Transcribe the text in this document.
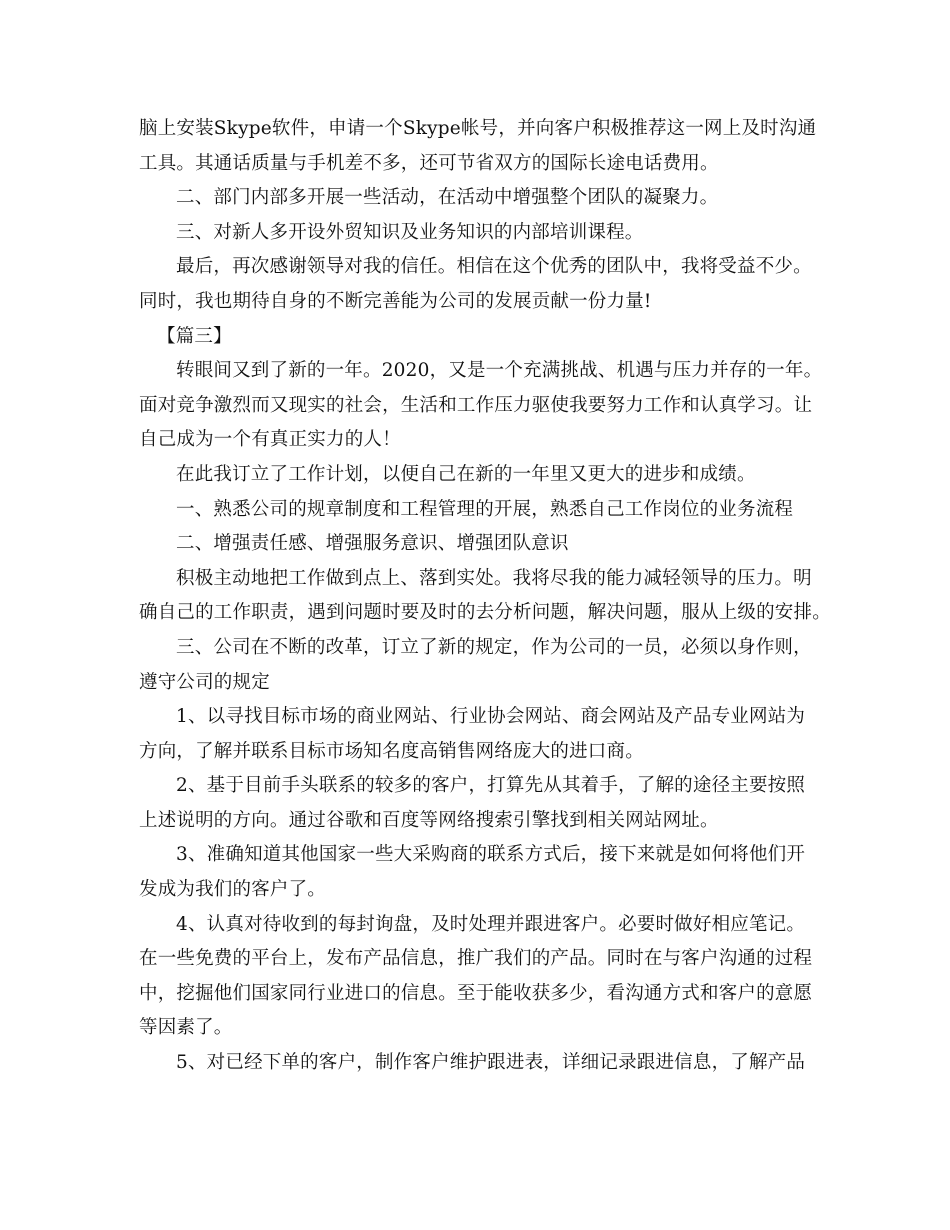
脑上安装Skype软件，申请一个Skype帐号，并向客户积极推荐这一网上及时沟通
工具。其通话质量与手机差不多，还可节省双方的国际长途电话费用。
二、部门内部多开展一些活动，在活动中增强整个团队的凝聚力。
三、对新人多开设外贸知识及业务知识的内部培训课程。
最后，再次感谢领导对我的信任。相信在这个优秀的团队中，我将受益不少。
同时，我也期待自身的不断完善能为公司的发展贡献一份力量!
【篇三】
转眼间又到了新的一年。2020，又是一个充满挑战、机遇与压力并存的一年。
面对竞争激烈而又现实的社会，生活和工作压力驱使我要努力工作和认真学习。让
自己成为一个有真正实力的人！
在此我订立了工作计划，以便自己在新的一年里又更大的进步和成绩。
一、熟悉公司的规章制度和工程管理的开展，熟悉自己工作岗位的业务流程
二、增强责任感、增强服务意识、增强团队意识
积极主动地把工作做到点上、落到实处。我将尽我的能力减轻领导的压力。明
确自己的工作职责，遇到问题时要及时的去分析问题，解决问题，服从上级的安排。
三、公司在不断的改革，订立了新的规定，作为公司的一员，必须以身作则，
遵守公司的规定
1、以寻找目标市场的商业网站、行业协会网站、商会网站及产品专业网站为
方向，了解并联系目标市场知名度高销售网络庞大的进口商。
2、基于目前手头联系的较多的客户，打算先从其着手，了解的途径主要按照
上述说明的方向。通过谷歌和百度等网络搜索引擎找到相关网站网址。
3、准确知道其他国家一些大采购商的联系方式后，接下来就是如何将他们开
发成为我们的客户了。
4、认真对待收到的每封询盘，及时处理并跟进客户。必要时做好相应笔记。
在一些免费的平台上，发布产品信息，推广我们的产品。同时在与客户沟通的过程
中，挖掘他们国家同行业进口的信息。至于能收获多少，看沟通方式和客户的意愿
等因素了。
5、对已经下单的客户，制作客户维护跟进表，详细记录跟进信息，了解产品
